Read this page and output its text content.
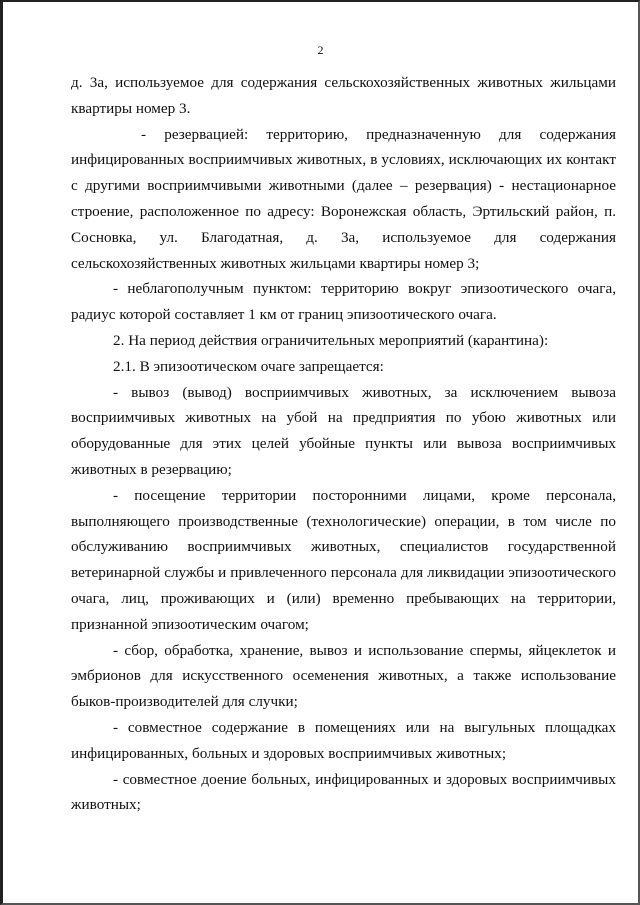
2

д. 3а, используемое для содержания сельскохозяйственных животных жильцами квартиры номер 3.

- резервацией: территорию, предназначенную для содержания инфицированных восприимчивых животных, в условиях, исключающих их контакт с другими восприимчивыми животными (далее – резервация) - нестационарное строение, расположенное по адресу: Воронежская область, Эртильский район, п. Сосновка, ул. Благодатная, д. 3а, используемое для содержания сельскохозяйственных животных жильцами квартиры номер 3;

- неблагополучным пунктом: территорию вокруг эпизоотического очага, радиус которой составляет 1 км от границ эпизоотического очага.

2. На период действия ограничительных мероприятий (карантина):

2.1. В эпизоотическом очаге запрещается:

- вывоз (вывод) восприимчивых животных, за исключением вывоза восприимчивых животных на убой на предприятия по убою животных или оборудованные для этих целей убойные пункты или вывоза восприимчивых животных в резервацию;

- посещение территории посторонними лицами, кроме персонала, выполняющего производственные (технологические) операции, в том числе по обслуживанию восприимчивых животных, специалистов государственной ветеринарной службы и привлеченного персонала для ликвидации эпизоотического очага, лиц, проживающих и (или) временно пребывающих на территории, признанной эпизоотическим очагом;

- сбор, обработка, хранение, вывоз и использование спермы, яйцеклеток и эмбрионов для искусственного осеменения животных, а также использование быков-производителей для случки;

- совместное содержание в помещениях или на выгульных площадках инфицированных, больных и здоровых восприимчивых животных;

- совместное доение больных, инфицированных и здоровых восприимчивых животных;
